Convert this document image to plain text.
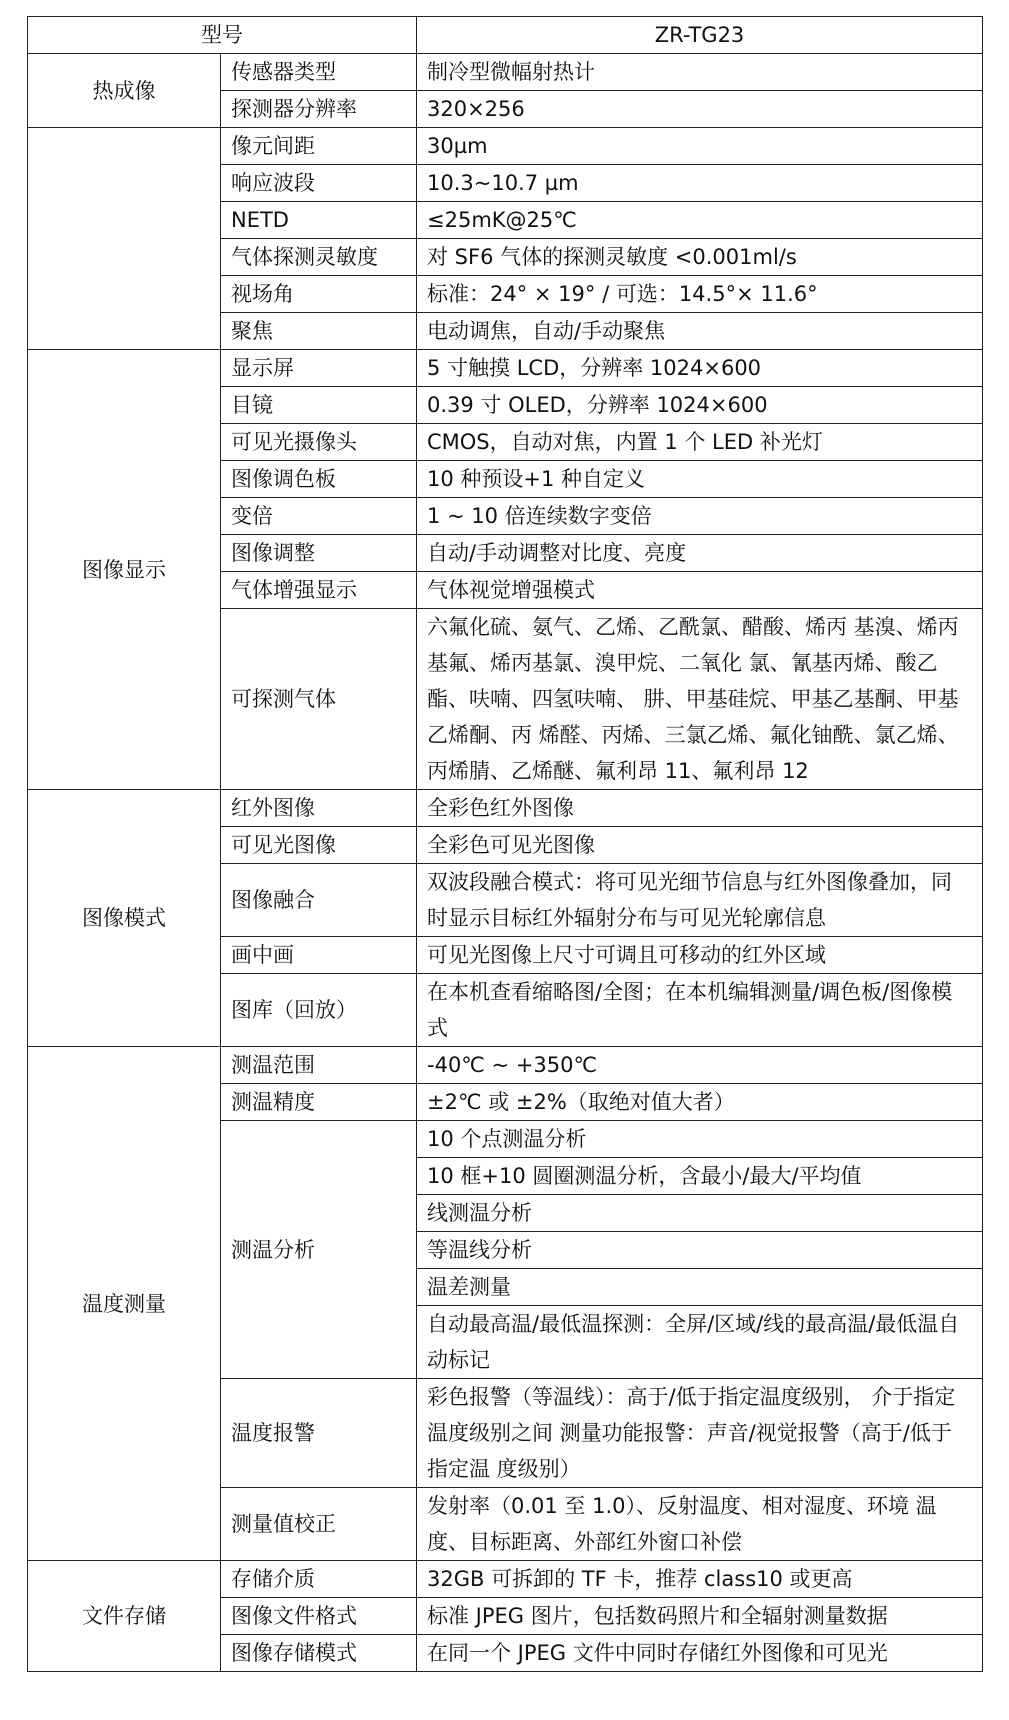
型号		ZR-TG23
热成像	传感器类型	制冷型微幅射热计
	探测器分辨率	320×256
	像元间距	30µm
	响应波段	10.3~10.7 µm
	NETD	≤25mK@25℃
	气体探测灵敏度	对 SF6 气体的探测灵敏度 <0.001ml/s
	视场角	标准：24° × 19° / 可选：14.5°× 11.6°
	聚焦	电动调焦，自动/手动聚焦
图像显示	显示屏	5 寸触摸 LCD，分辨率 1024×600
	目镜	0.39 寸 OLED，分辨率 1024×600
	可见光摄像头	CMOS，自动对焦，内置 1 个 LED 补光灯
	图像调色板	10 种预设+1 种自定义
	变倍	1 ~ 10 倍连续数字变倍
	图像调整	自动/手动调整对比度、亮度
	气体增强显示	气体视觉增强模式
	可探测气体	六氟化硫、氨气、乙烯、乙酰氯、醋酸、烯丙 基溴、烯丙基氟、烯丙基氯、溴甲烷、二氧化 氯、氰基丙烯、酸乙酯、呋喃、四氢呋喃、 肼、甲基硅烷、甲基乙基酮、甲基乙烯酮、丙 烯醛、丙烯、三氯乙烯、氟化铀酰、氯乙烯、 丙烯腈、乙烯醚、氟利昂 11、氟利昂 12
图像模式	红外图像	全彩色红外图像
	可见光图像	全彩色可见光图像
	图像融合	双波段融合模式：将可见光细节信息与红外图像叠加，同时显示目标红外辐射分布与可见光轮廓信息
	画中画	可见光图像上尺寸可调且可移动的红外区域
	图库（回放）	在本机查看缩略图/全图；在本机编辑测量/调色板/图像模式
温度测量	测温范围	-40℃ ~ +350℃
	测温精度	±2℃ 或 ±2%（取绝对值大者）
	测温分析	10 个点测温分析
		10 框+10 圆圈测温分析，含最小/最大/平均值
		线测温分析
		等温线分析
		温差测量
		自动最高温/最低温探测：全屏/区域/线的最高温/最低温自动标记
	温度报警	彩色报警（等温线）：高于/低于指定温度级别， 介于指定温度级别之间 测量功能报警：声音/视觉报警（高于/低于指定温 度级别）
	测量值校正	发射率（0.01 至 1.0）、反射温度、相对湿度、环境 温度、目标距离、外部红外窗口补偿
文件存储	存储介质	32GB 可拆卸的 TF 卡，推荐 class10 或更高
	图像文件格式	标准 JPEG 图片，包括数码照片和全辐射测量数据
	图像存储模式	在同一个 JPEG 文件中同时存储红外图像和可见光
